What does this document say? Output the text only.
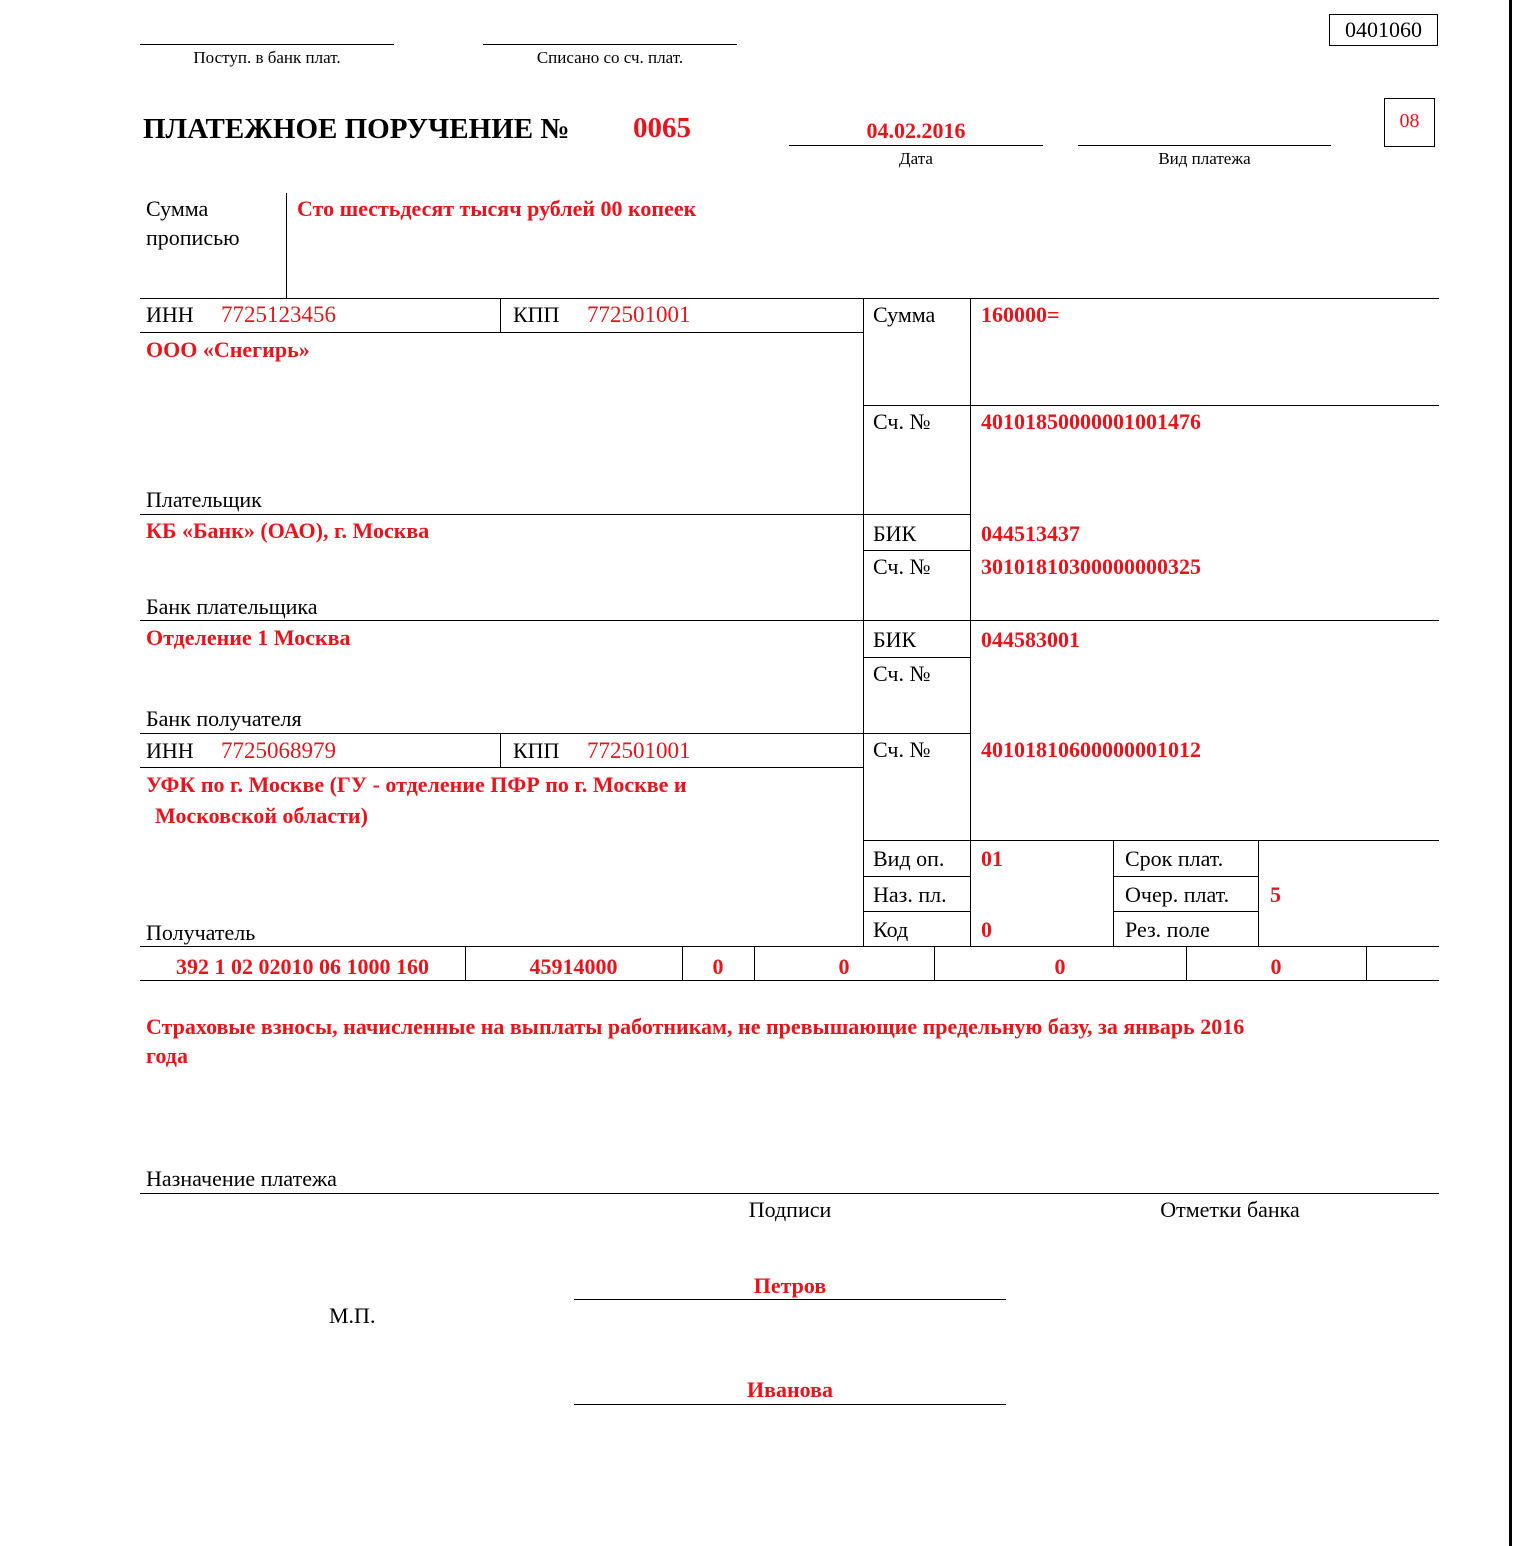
0401060
Поступ. в банк плат.	Списано со сч. плат.
ПЛАТЕЖНОЕ ПОРУЧЕНИЕ № 0065	04.02.2016
Дата	Вид платежа
08
Сумма
прописью
Сто шестьдесят тысяч рублей 00 копеек
ИНН 7725123456	КПП 772501001
ООО «Снегирь»
Плательщик
Сумма 160000=
Сч. № 40101850000001001476
КБ «Банк» (ОАО), г. Москва
Банк плательщика
БИК	044513437
Сч. № 30101810300000000325
Отделение 1 Москва
Банк получателя
БИК	044583001
Сч. №
ИНН 7725068979	КПП 772501001
УФК по г. Москве (ГУ - отделение ПФР по г. Москве и
Московской области)
Получатель
Сч. № 40101810600000001012
Вид оп. 01
Наз. пл.
Код	0
Срок плат.
Очер. плат. 5
Рез. поле
392 1 02 02010 06 1000 160	45914000	0	0	0	0
Страховые взносы, начисленные на выплаты работникам, не превышающие предельную базу, за январь 2016
года
Назначение платежа
Подписи	Отметки банка
М.П.
Петров
Иванова
